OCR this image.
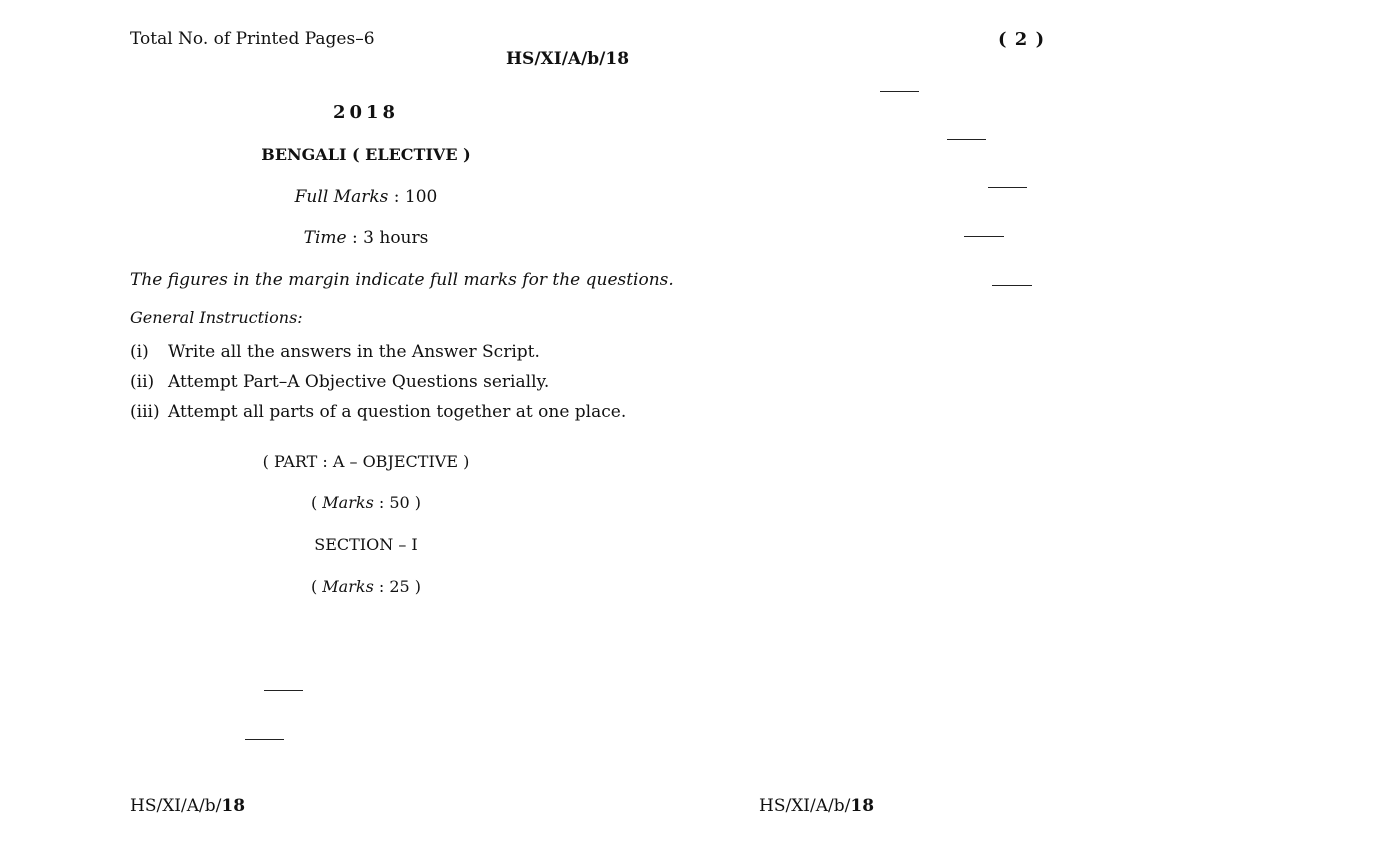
Total No. of Printed Pages–6
HS/XI/A/b/18
2018
BENGALI ( ELECTIVE )
Full Marks : 100
Time : 3 hours
The figures in the margin indicate full marks for the questions.
General Instructions:
(i) Write all the answers in the Answer Script.
(ii) Attempt Part–A Objective Questions serially.
(iii) Attempt all parts of a question together at one place.
( PART : A – OBJECTIVE )
( Marks : 50 )
SECTION – I
( Marks : 25 )
HS/XI/A/b/18
( 2 )
HS/XI/A/b/18
